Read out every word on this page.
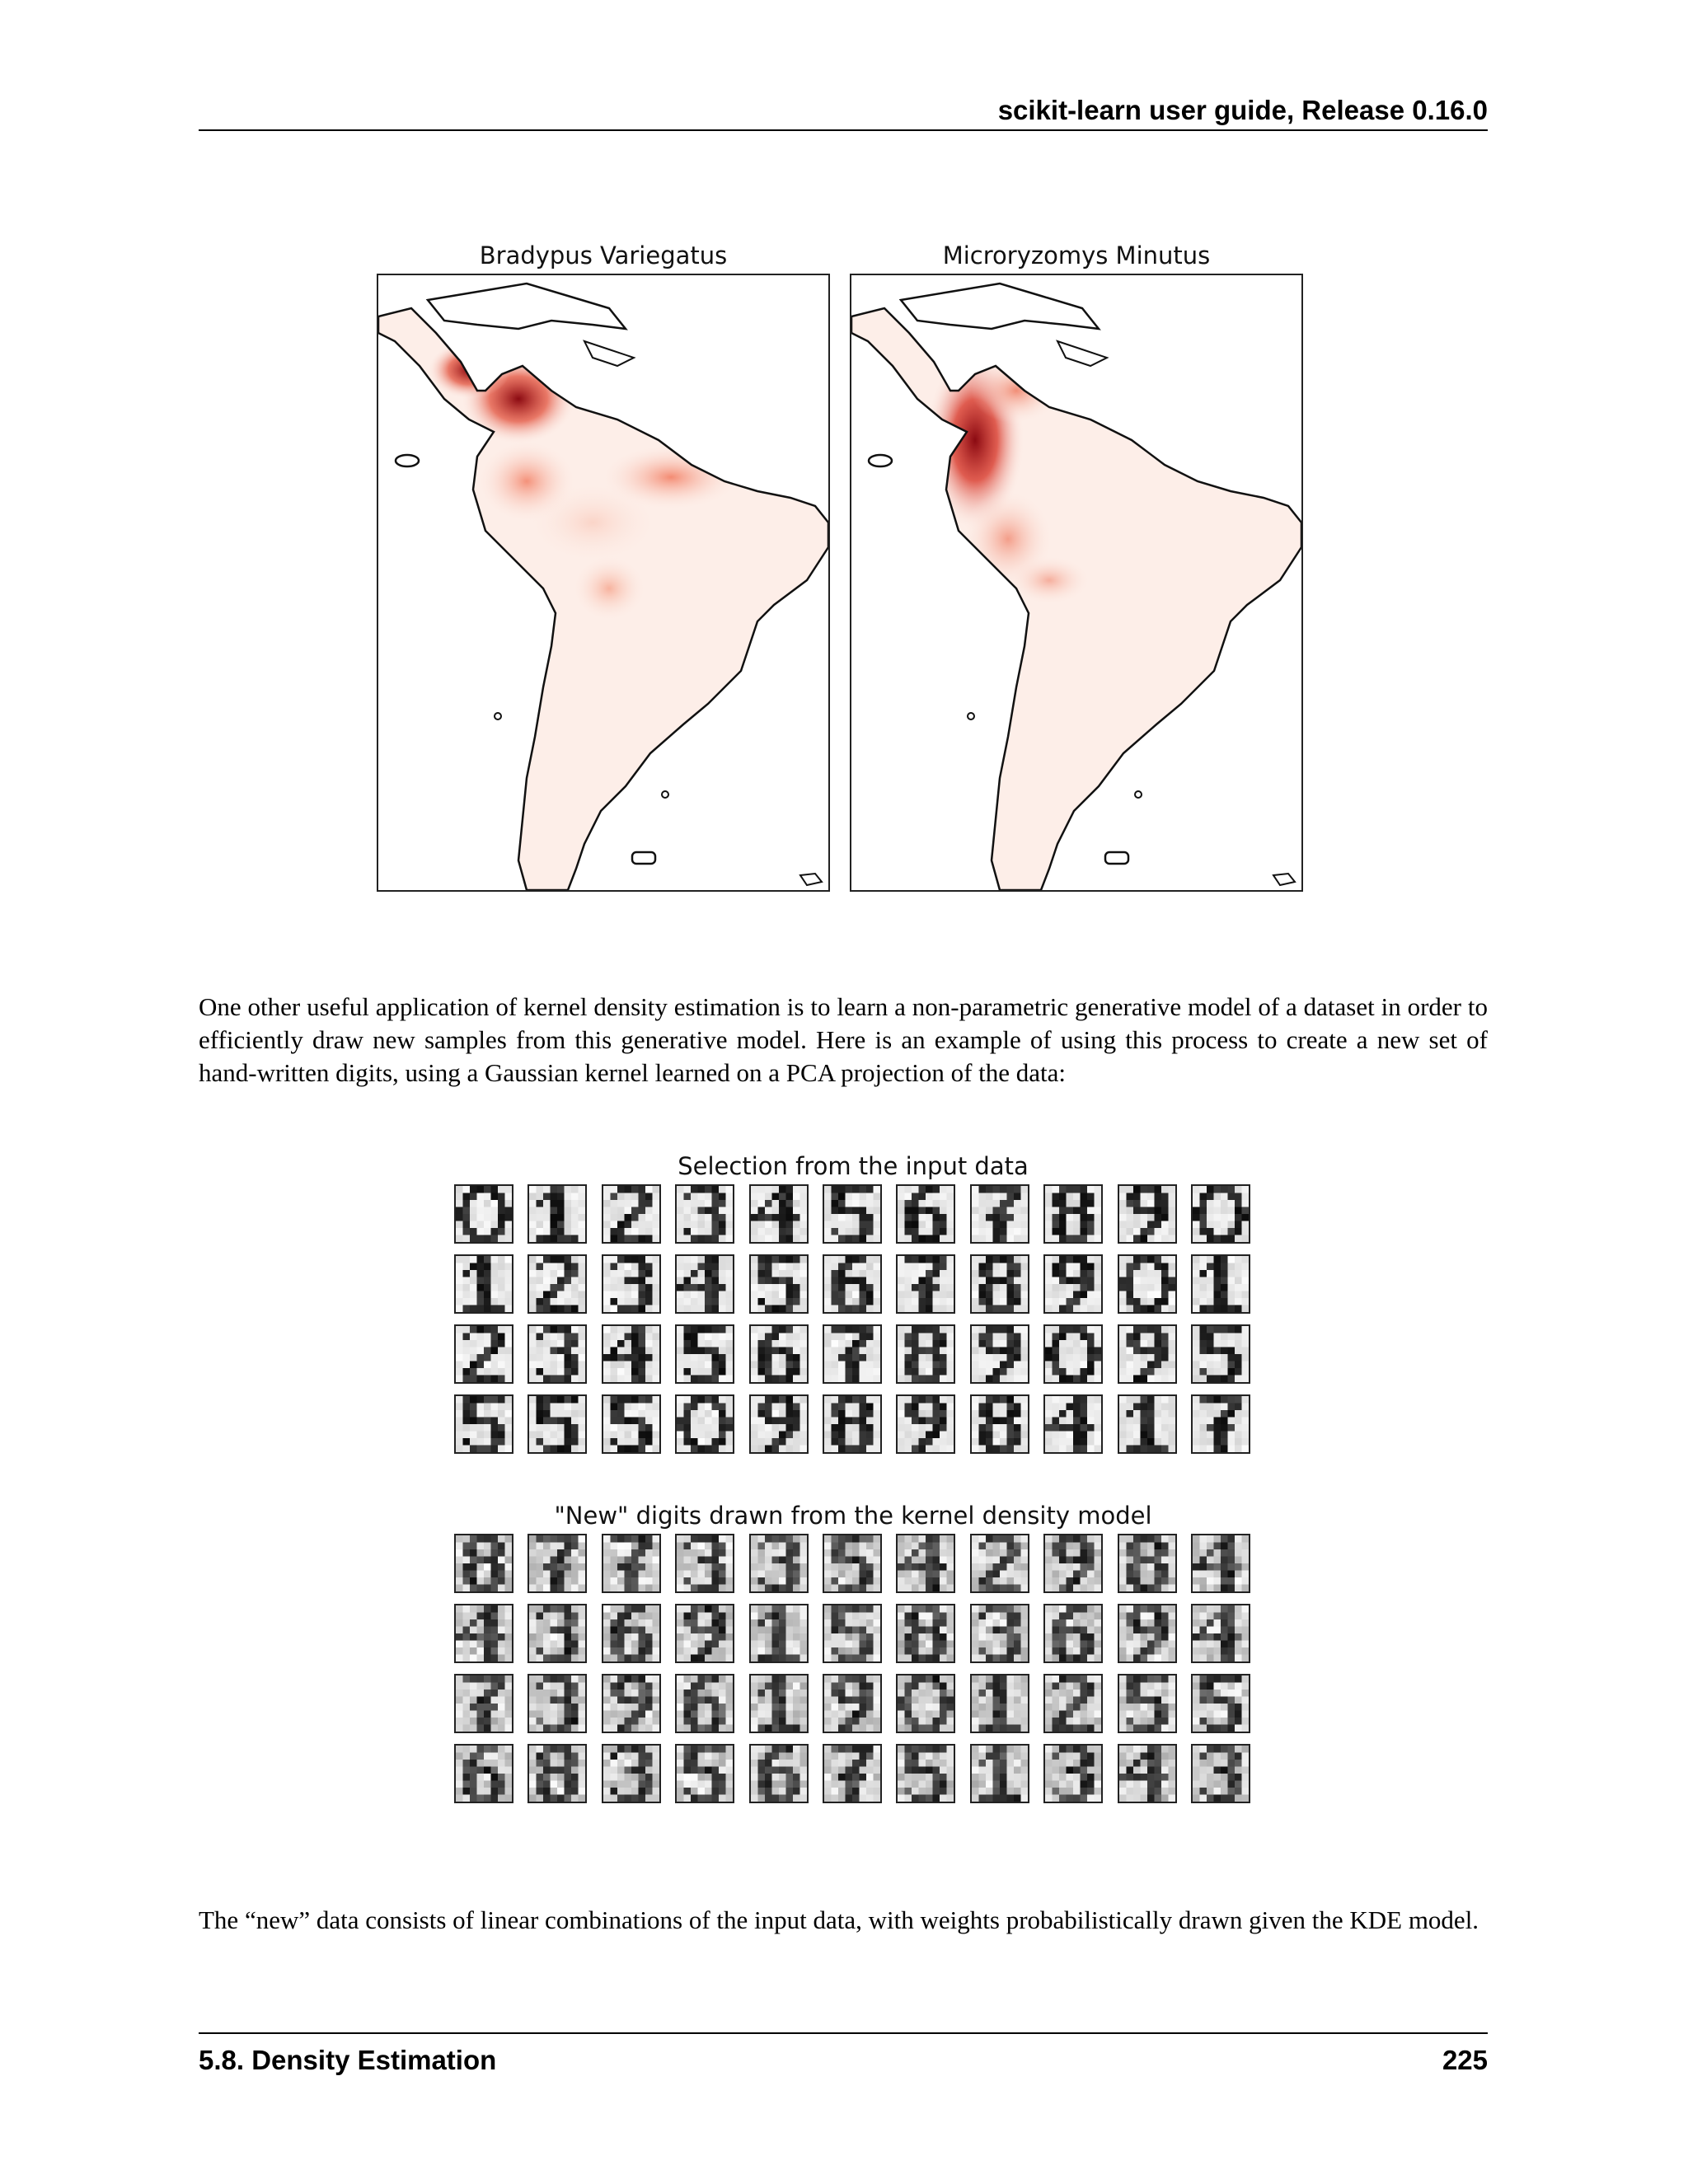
scikit-learn user guide, Release 0.16.0
Bradypus Variegatus	Microryzomys Minutus
One other useful application of kernel density estimation is to learn a non-parametric generative model of a dataset in order to efficiently draw new samples from this generative model. Here is an example of using this process to create a new set of hand-written digits, using a Gaussian kernel learned on a PCA projection of the data:
Selection from the input data
"New" digits drawn from the kernel density model
The “new” data consists of linear combinations of the input data, with weights probabilistically drawn given the KDE model.
5.8. Density Estimation	225
